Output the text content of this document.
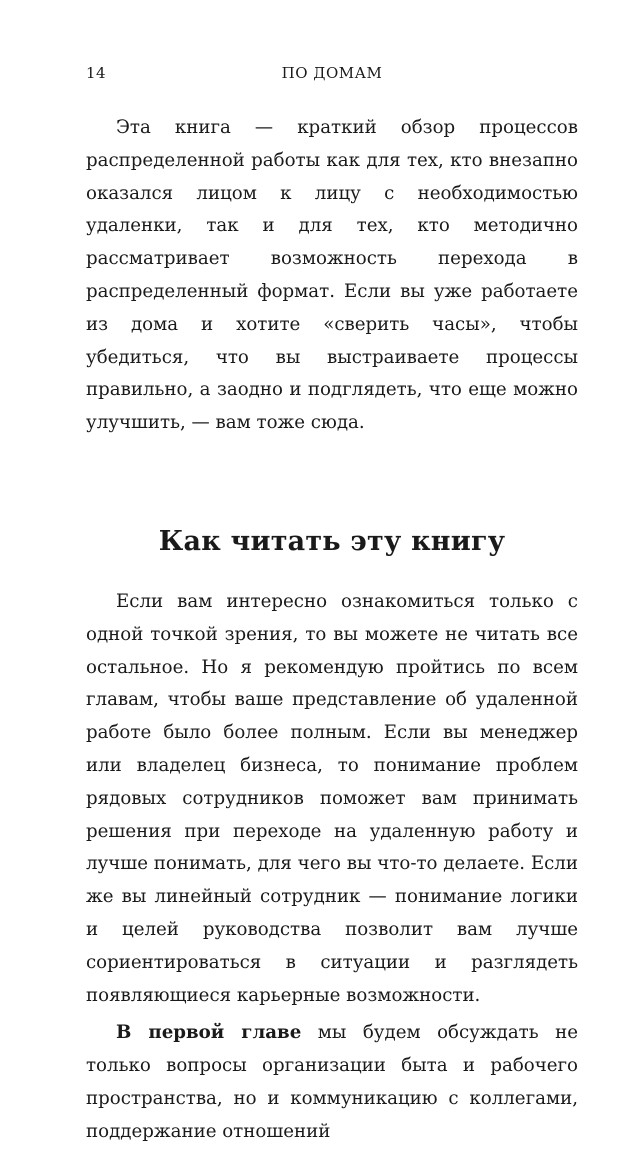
14	ПО ДОМАМ

Эта книга — краткий обзор процессов распределенной работы как для тех, кто внезапно оказался лицом к лицу с необходимостью удаленки, так и для тех, кто методично рассматривает возможность перехода в распределенный формат. Если вы уже работаете из дома и хотите «сверить часы», чтобы убедиться, что вы выстраиваете процессы правильно, а заодно и подглядеть, что еще можно улучшить, — вам тоже сюда.

Как читать эту книгу

Если вам интересно ознакомиться только с одной точкой зрения, то вы можете не читать все остальное. Но я рекомендую пройтись по всем главам, чтобы ваше представление об удаленной работе было более полным. Если вы менеджер или владелец бизнеса, то понимание проблем рядовых сотрудников поможет вам принимать решения при переходе на удаленную работу и лучше понимать, для чего вы что-то делаете. Если же вы линейный сотрудник — понимание логики и целей руководства позволит вам лучше сориентироваться в ситуации и разглядеть появляющиеся карьерные возможности.

В первой главе мы будем обсуждать не только вопросы организации быта и рабочего пространства, но и коммуникацию с коллегами, поддержание отношений
